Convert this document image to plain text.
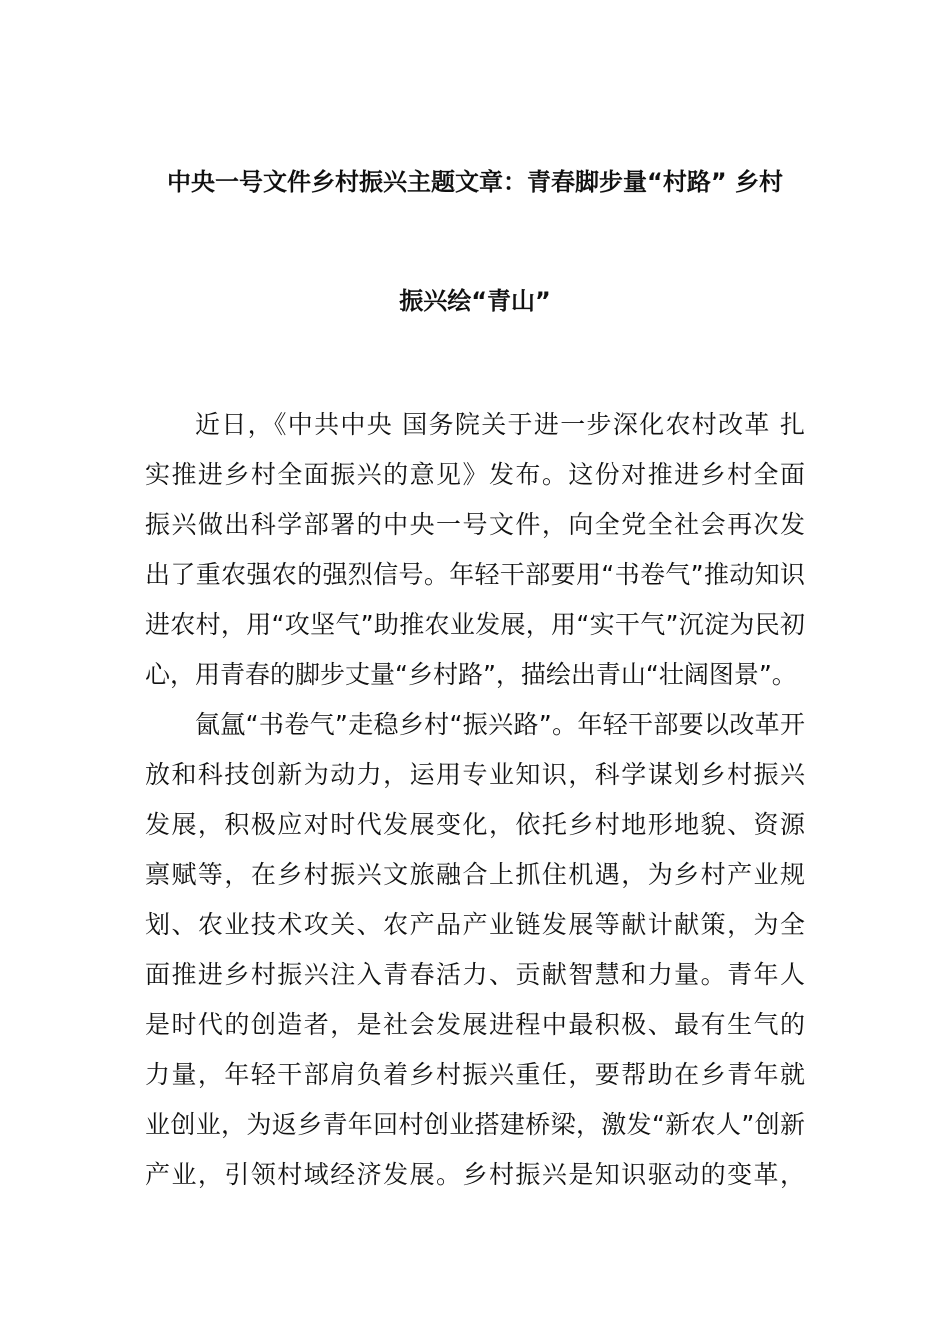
中央一号文件乡村振兴主题文章：青春脚步量“村路” 乡村
振兴绘“青山”
近日，《中共中央 国务院关于进一步深化农村改革 扎
实推进乡村全面振兴的意见》发布。这份对推进乡村全面
振兴做出科学部署的中央一号文件，向全党全社会再次发
出了重农强农的强烈信号。年轻干部要用“书卷气”推动知识
进农村，用“攻坚气”助推农业发展，用“实干气”沉淀为民初
心，用青春的脚步丈量“乡村路”，描绘出青山“壮阔图景”。
氤氲“书卷气”走稳乡村“振兴路”。年轻干部要以改革开
放和科技创新为动力，运用专业知识，科学谋划乡村振兴
发展，积极应对时代发展变化，依托乡村地形地貌、资源
禀赋等，在乡村振兴文旅融合上抓住机遇，为乡村产业规
划、农业技术攻关、农产品产业链发展等献计献策，为全
面推进乡村振兴注入青春活力、贡献智慧和力量。青年人
是时代的创造者，是社会发展进程中最积极、最有生气的
力量，年轻干部肩负着乡村振兴重任，要帮助在乡青年就
业创业，为返乡青年回村创业搭建桥梁，激发“新农人”创新
产业，引领村域经济发展。乡村振兴是知识驱动的变革，
